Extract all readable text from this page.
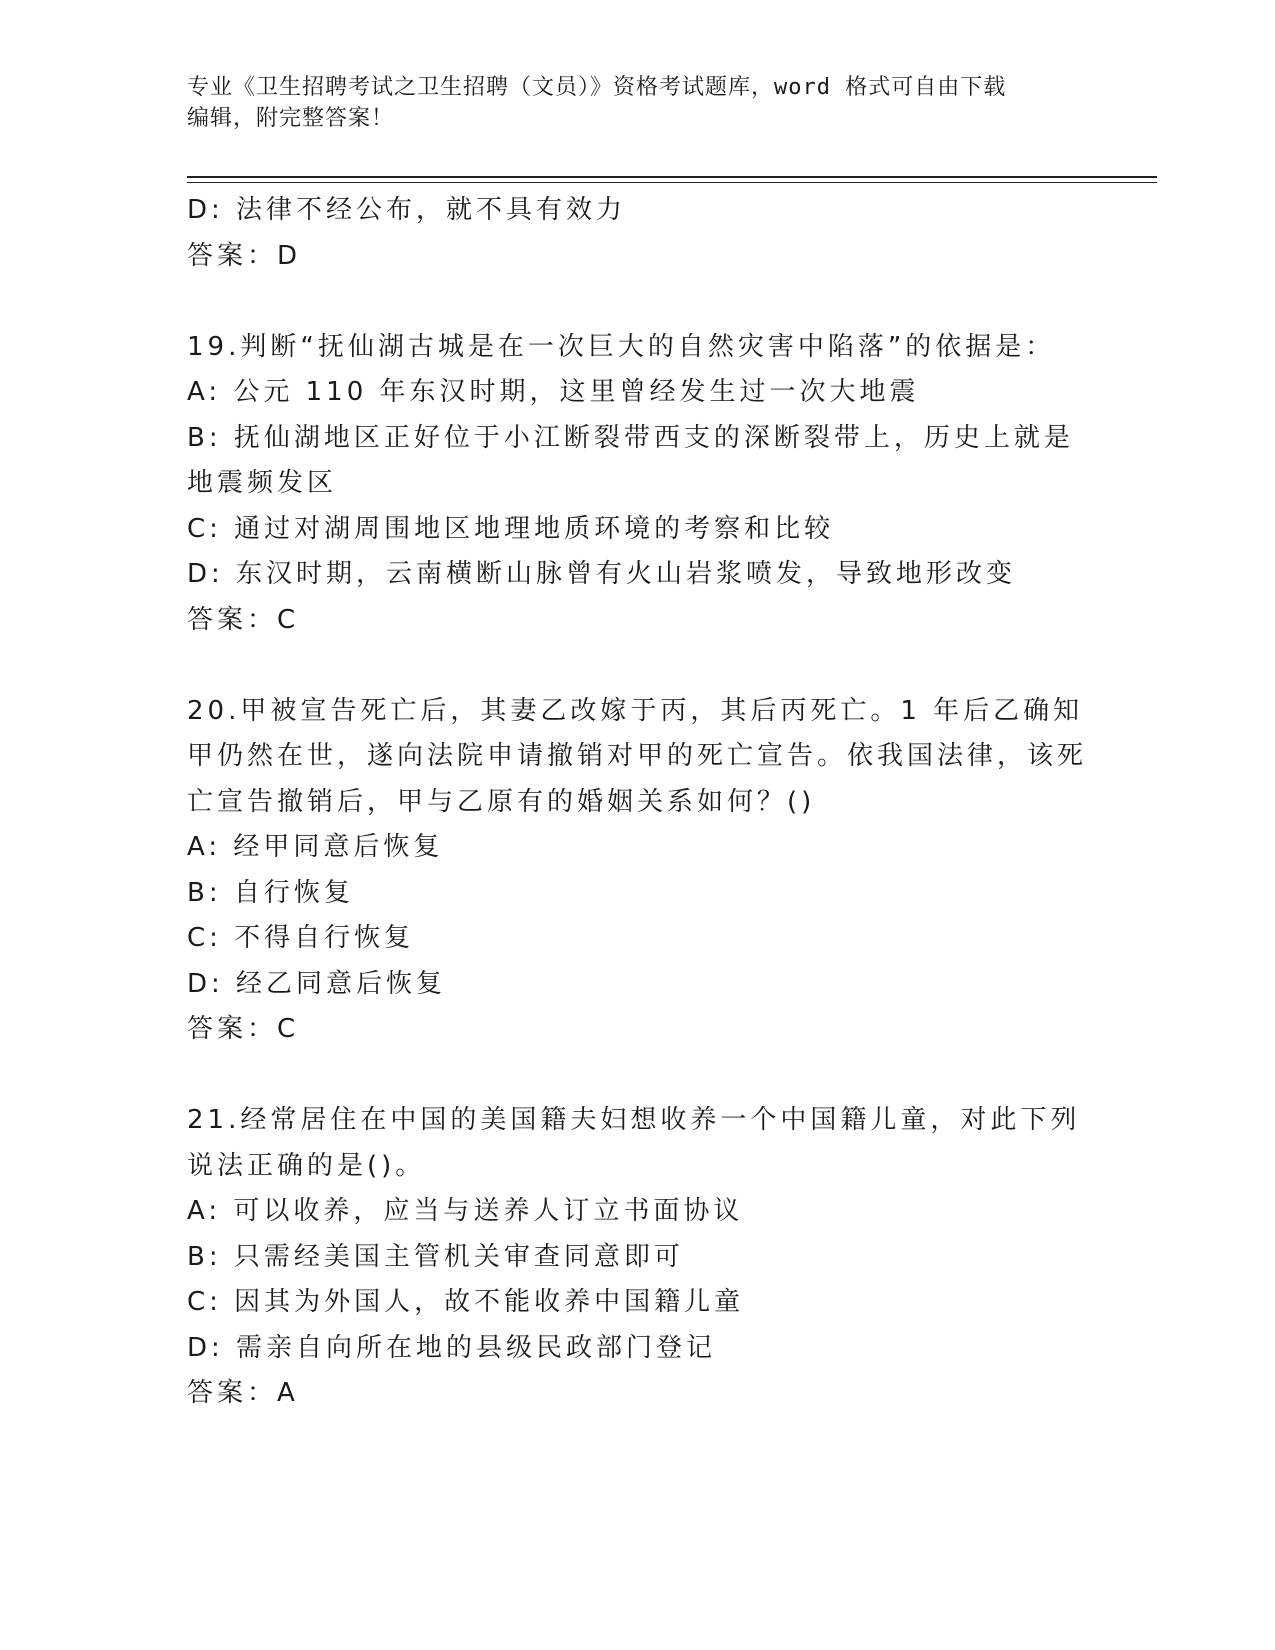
专业《卫生招聘考试之卫生招聘（文员）》资格考试题库，word 格式可自由下载
编辑，附完整答案！
D: 法律不经公布，就不具有效力
答案：D
19.判断“抚仙湖古城是在一次巨大的自然灾害中陷落”的依据是：
A: 公元 110 年东汉时期，这里曾经发生过一次大地震
B: 抚仙湖地区正好位于小江断裂带西支的深断裂带上，历史上就是地震频发区
C: 通过对湖周围地区地理地质环境的考察和比较
D: 东汉时期，云南横断山脉曾有火山岩浆喷发，导致地形改变
答案：C
20.甲被宣告死亡后，其妻乙改嫁于丙，其后丙死亡。1 年后乙确知甲仍然在世，遂向法院申请撤销对甲的死亡宣告。依我国法律，该死亡宣告撤销后，甲与乙原有的婚姻关系如何？()
A: 经甲同意后恢复
B: 自行恢复
C: 不得自行恢复
D: 经乙同意后恢复
答案：C
21.经常居住在中国的美国籍夫妇想收养一个中国籍儿童，对此下列说法正确的是()。
A: 可以收养，应当与送养人订立书面协议
B: 只需经美国主管机关审查同意即可
C: 因其为外国人，故不能收养中国籍儿童
D: 需亲自向所在地的县级民政部门登记
答案：A
